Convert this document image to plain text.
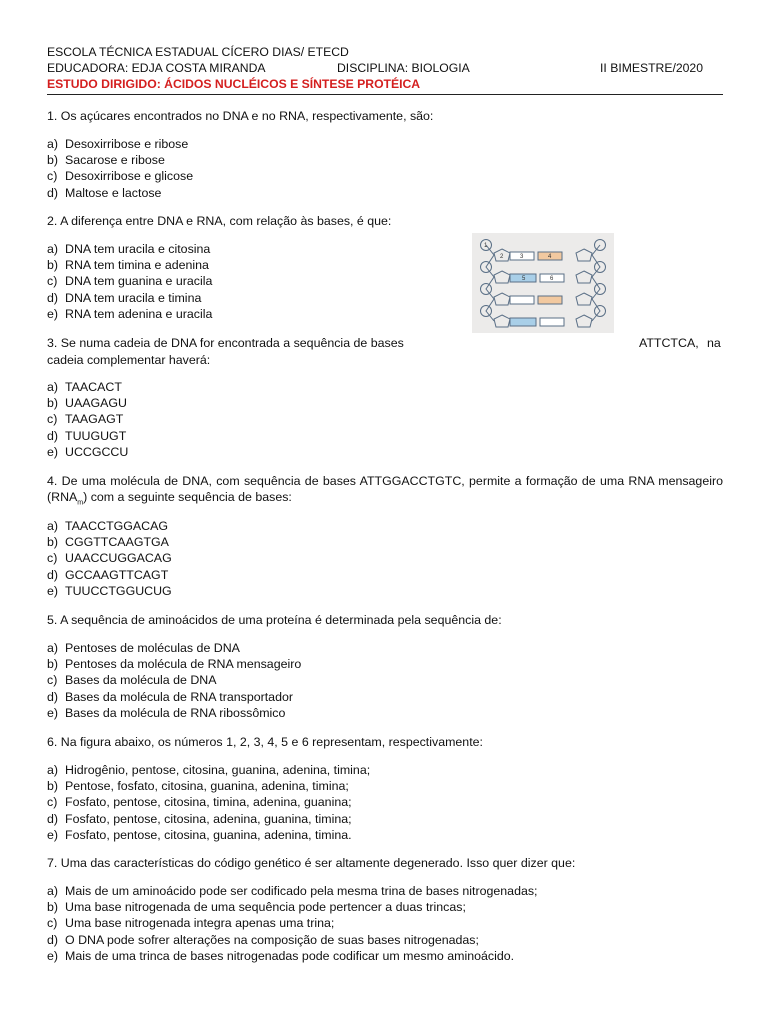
ESCOLA TÉCNICA ESTADUAL CÍCERO DIAS/ ETECD
EDUCADORA: EDJA COSTA MIRANDA	DISCIPLINA: BIOLOGIA	II BIMESTRE/2020
ESTUDO DIRIGIDO: ÁCIDOS NUCLÉICOS E SÍNTESE PROTÉICA
1. Os açúcares encontrados no DNA e no RNA, respectivamente, são:
a) Desoxirribose e ribose
b) Sacarose e ribose
c) Desoxirribose e glicose
d) Maltose e lactose
2. A diferença entre DNA e RNA, com relação às bases, é que:
a) DNA tem uracila e citosina
b) RNA tem timina e adenina
c) DNA tem guanina e uracila
d) DNA tem uracila e timina
e) RNA tem adenina e uracila
1
2	3	4
5	6
3. Se numa cadeia de DNA for encontrada a sequência de bases	ATTCTCA, na
cadeia complementar haverá:
a) TAACACT
b) UAAGAGU
c) TAAGAGT
d) TUUGUGT
e) UCCGCCU
4. De uma molécula de DNA, com sequência de bases ATTGGACCTGTC, permite a formação de uma RNA mensageiro $(RNA_m)$ com a seguinte sequência de bases:
a) TAACCTGGACAG
b) CGGTTCAAGTGA
c) UAACCUGGACAG
d) GCCAAGTTCAGT
e) TUUCCTGGUCUG
5. A sequência de aminoácidos de uma proteína é determinada pela sequência de:
a) Pentoses de moléculas de DNA
b) Pentoses da molécula de RNA mensageiro
c) Bases da molécula de DNA
d) Bases da molécula de RNA transportador
e) Bases da molécula de RNA ribossômico
6. Na figura abaixo, os números 1, 2, 3, 4, 5 e 6 representam, respectivamente:
a) Hidrogênio, pentose, citosina, guanina, adenina, timina;
b) Pentose, fosfato, citosina, guanina, adenina, timina;
c) Fosfato, pentose, citosina, timina, adenina, guanina;
d) Fosfato, pentose, citosina, adenina, guanina, timina;
e) Fosfato, pentose, citosina, guanina, adenina, timina.
7. Uma das características do código genético é ser altamente degenerado. Isso quer dizer que:
a) Mais de um aminoácido pode ser codificado pela mesma trina de bases nitrogenadas;
b) Uma base nitrogenada de uma sequência pode pertencer a duas trincas;
c) Uma base nitrogenada integra apenas uma trina;
d) O DNA pode sofrer alterações na composição de suas bases nitrogenadas;
e) Mais de uma trinca de bases nitrogenadas pode codificar um mesmo aminoácido.
